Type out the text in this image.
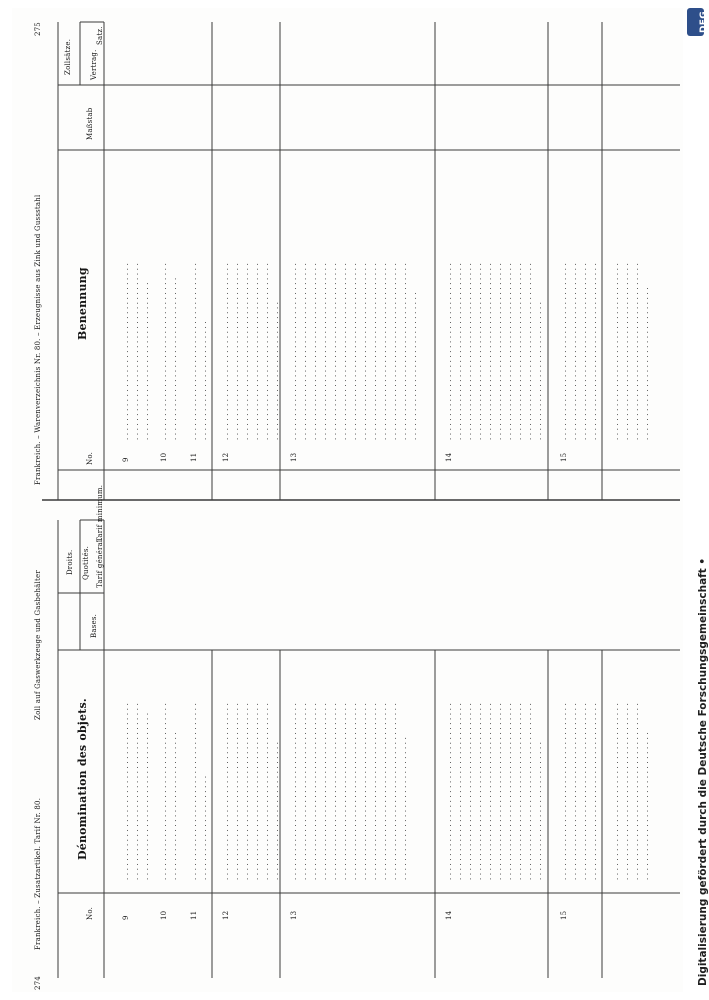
274
Frankreich. – Zusatzartikel. Tarif Nr. 80.
Zoll auf Gaswerkzeuge und Gasbehälter
No.
Dénomination des objets.
Droits.
Bases.
Quotités. Tarif général.
Tarif minimum.
9
. . . . . . . . . . . . . . . . . . . . . . . . . . . . . . . . . . . . . . . . . . . . . . . . . . . . . . . . . . . . . . . . . . . . . . . . . . . . . . . . . . . . . . . . . . . . . . . . . . . . . . . . . . . . .
10
. . . . . . . . . . . . . . . . . . . . . . . . . . . . . . . . . . . . . . . . . . . . . . . . . . . . . . . . . . . . . . . . . . . .
11
. . . . . . . . . . . . . . . . . . . . . . . . . . . . . . . . . . . . . . . . . . . . . . . . . . . . . . . . . . .
12
. . . . . . . . . . . . . . . . . . . . . . . . . . . . . . . . . . . . . . . . . . . . . . . . . . . . . . . . . . . . . . . . . . . . . . . . . . . . . . . . . . . . . . . . . . . . . . . . . . . . . . . . . . . . . . . . . . . . . . . . . . . . . . . . . . . . . . . . . . . . . . . . . . . . . . . . . . . . . . . . . . . . . . . . . . . . . . . . . . . . . . . . . . . . . . . . . . . . . . . . . . . . . . . . . . . . . .
13
. . . . . . . . . . . . . . . . . . . . . . . . . . . . . . . . . . . . . . . . . . . . . . . . . . . . . . . . . . . . . . . . . . . . . . . . . . . . . . . . . . . . . . . . . . . . . . . . . . . . . . . . . . . . . . . . . . . . . . . . . . . . . . . . . . . . . . . . . . . . . . . . . . . . . . . . . . . . . . . . . . . . . . . . . . . . . . . . . . . . . . . . . . . . . . . . . . . . . . . . . . . . . . . . . . . . . . . . . . . . . . . . . . . . . . . . . . . . . . . . . . . . . . . . . . . . . . . . . . . . . . . . . . . . . . . . . . . . . . . . . . . . . . . . . . . . . . . . . . . . . . . . . . . . . . . . . . . . . . . . . . . . . . . . . . . . . . . . . . . . . . . . . . . . . . . . . . . . . . . . . . . . . . . . . . . . . . . . . . . . . . . . . . . . . . . . . . . . . . . . . . . . . . . . . . . . . . . . . . . . . . . . . . . . . . . . . . . . .
14
. . . . . . . . . . . . . . . . . . . . . . . . . . . . . . . . . . . . . . . . . . . . . . . . . . . . . . . . . . . . . . . . . . . . . . . . . . . . . . . . . . . . . . . . . . . . . . . . . . . . . . . . . . . . . . . . . . . . . . . . . . . . . . . . . . . . . . . . . . . . . . . . . . . . . . . . . . . . . . . . . . . . . . . . . . . . . . . . . . . . . . . . . . . . . . . . . . . . . . . . . . . . . . . . . . . . . . . . . . . . . . . . . . . . . . . . . . . . . . . . . . . . . . . . . . . . . . . . . . . . . . . . . . . . . . . . . . . . . . . . . . . . . . . . . . . . . . . . . . . . . . . . . . . . . . . . . . . . . . . . . . . . . . . . . . . . . . . . . . . . . . . . . . . . . . . . . . . . . . . . . .
15
. . . . . . . . . . . . . . . . . . . . . . . . . . . . . . . . . . . . . . . . . . . . . . . . . . . . . . . . . . . . . . . . . . . . . . . . . . . . . . . . . . . . . . . . . . . . . . . . . . . . . . . . . . . . . . . . . . . . . . . . . . . . . . . . . . . . . . . . . . . . . . . . . . . . . . . . . . . . . . . . . . . . . . . . . . . . . . . . . . . . . . . . . . . . . . . . . . . . . . . . . . . . . . . . . . . . . . . . . . . . . . . . . . . . . . . . . . . . . . . . . . . . . . . . . . . . . . . . . . . . . . . . . . . . . . . . . . . . . . . . . . . . . . . . . .
Frankreich. – Warenverzeichnis Nr. 80. – Erzeugnisse aus Zink und Gussstahl
275
No.
Benennung
Maßstab
Zollsätze.	Vertrag.
Satz.
9
. . . . . . . . . . . . . . . . . . . . . . . . . . . . . . . . . . . . . . . . . . . . . . . . . . . . . . . . . . . . . . . . . . . . . . . . . . . . . . . . . . . . . . . . . . . . . . . . . . . . . . . . . . .
10
. . . . . . . . . . . . . . . . . . . . . . . . . . . . . . . . . . . . . . . . . . . . . . . . . . . . . . . . . . . . . . . . . . . . . . .
11
. . . . . . . . . . . . . . . . . . . . . . . . . . . . . . . . . . . . . . . . . . . . . . . . . . . . . . . . . . . . . .
12
. . . . . . . . . . . . . . . . . . . . . . . . . . . . . . . . . . . . . . . . . . . . . . . . . . . . . . . . . . . . . . . . . . . . . . . . . . . . . . . . . . . . . . . . . . . . . . . . . . . . . . . . . . . . . . . . . . . . . . . . . . . . . . . . . . . . . . . . . . . . . . . . . . . . . . . . . . . . . . . . . . . . . . . . . . . . . . . . . . . . . . . . . . . . . . . . . . . . . . . . . . . . . . . . . . . . . .
13
. . . . . . . . . . . . . . . . . . . . . . . . . . . . . . . . . . . . . . . . . . . . . . . . . . . . . . . . . . . . . . . . . . . . . . . . . . . . . . . . . . . . . . . . . . . . . . . . . . . . . . . . . . . . . . . . . . . . . . . . . . . . . . . . . . . . . . . . . . . . . . . . . . . . . . . . . . . . . . . . . . . . . . . . . . . . . . . . . . . . . . . . . . . . . . . . . . . . . . . . . . . . . . . . . . . . . . . . . . . . . . . . . . . . . . . . . . . . . . . . . . . . . . . . . . . . . . . . . . . . . . . . . . . . . . . . . . . . . . . . . . . . . . . . . . . . . . . . . . . . . . . . . . . . . . . . . . . . . . . . . . . . . . . . . . . . . . . . . . . . . . . . . . . . . . . . . . . . . . . . . . . . . . . . . . . . . . . . . . . . . . . . . . . . . . . . . . . . . . . . . . . . . . . . . . . . . . . . . . . . . . . . . . . . . . . . . . . . . . . . . . . . . . . . . . . . . . . . . . . . . . . . . . . . . . . . . . .
14
. . . . . . . . . . . . . . . . . . . . . . . . . . . . . . . . . . . . . . . . . . . . . . . . . . . . . . . . . . . . . . . . . . . . . . . . . . . . . . . . . . . . . . . . . . . . . . . . . . . . . . . . . . . . . . . . . . . . . . . . . . . . . . . . . . . . . . . . . . . . . . . . . . . . . . . . . . . . . . . . . . . . . . . . . . . . . . . . . . . . . . . . . . . . . . . . . . . . . . . . . . . . . . . . . . . . . . . . . . . . . . . . . . . . . . . . . . . . . . . . . . . . . . . . . . . . . . . . . . . . . . . . . . . . . . . . . . . . . . . . . . . . . . . . . . . . . . . . . . . . . . . . . . . . . . . . . . . . . . . . . . . . . . . . . . . . . . . . . . . . . . . . . . . . . . . . . . . . . . . . . .
15
. . . . . . . . . . . . . . . . . . . . . . . . . . . . . . . . . . . . . . . . . . . . . . . . . . . . . . . . . . . . . . . . . . . . . . . . . . . . . . . . . . . . . . . . . . . . . . . . . . . . . . . . . . . . . . . . . . . . . . . . . . . . . . . . . . . . . . . . . . . . . . . . . . . . . . . . . . . . . . . . . . . . . . . . . . . . . . . . . . . . . . . . . . . . . . . . . . . . . . . . . . . . . . . . . . . . . . . . . . . . . . . . . . . . . . . . . . . . . . . . . . . . . . . . . . . . . . . . . . . . . . . . . . . . . . . . . . . . . . . . . . . . . . . . . . .
Digitalisierung gefördert durch die Deutsche Forschungsgemeinschaft •
DFG
